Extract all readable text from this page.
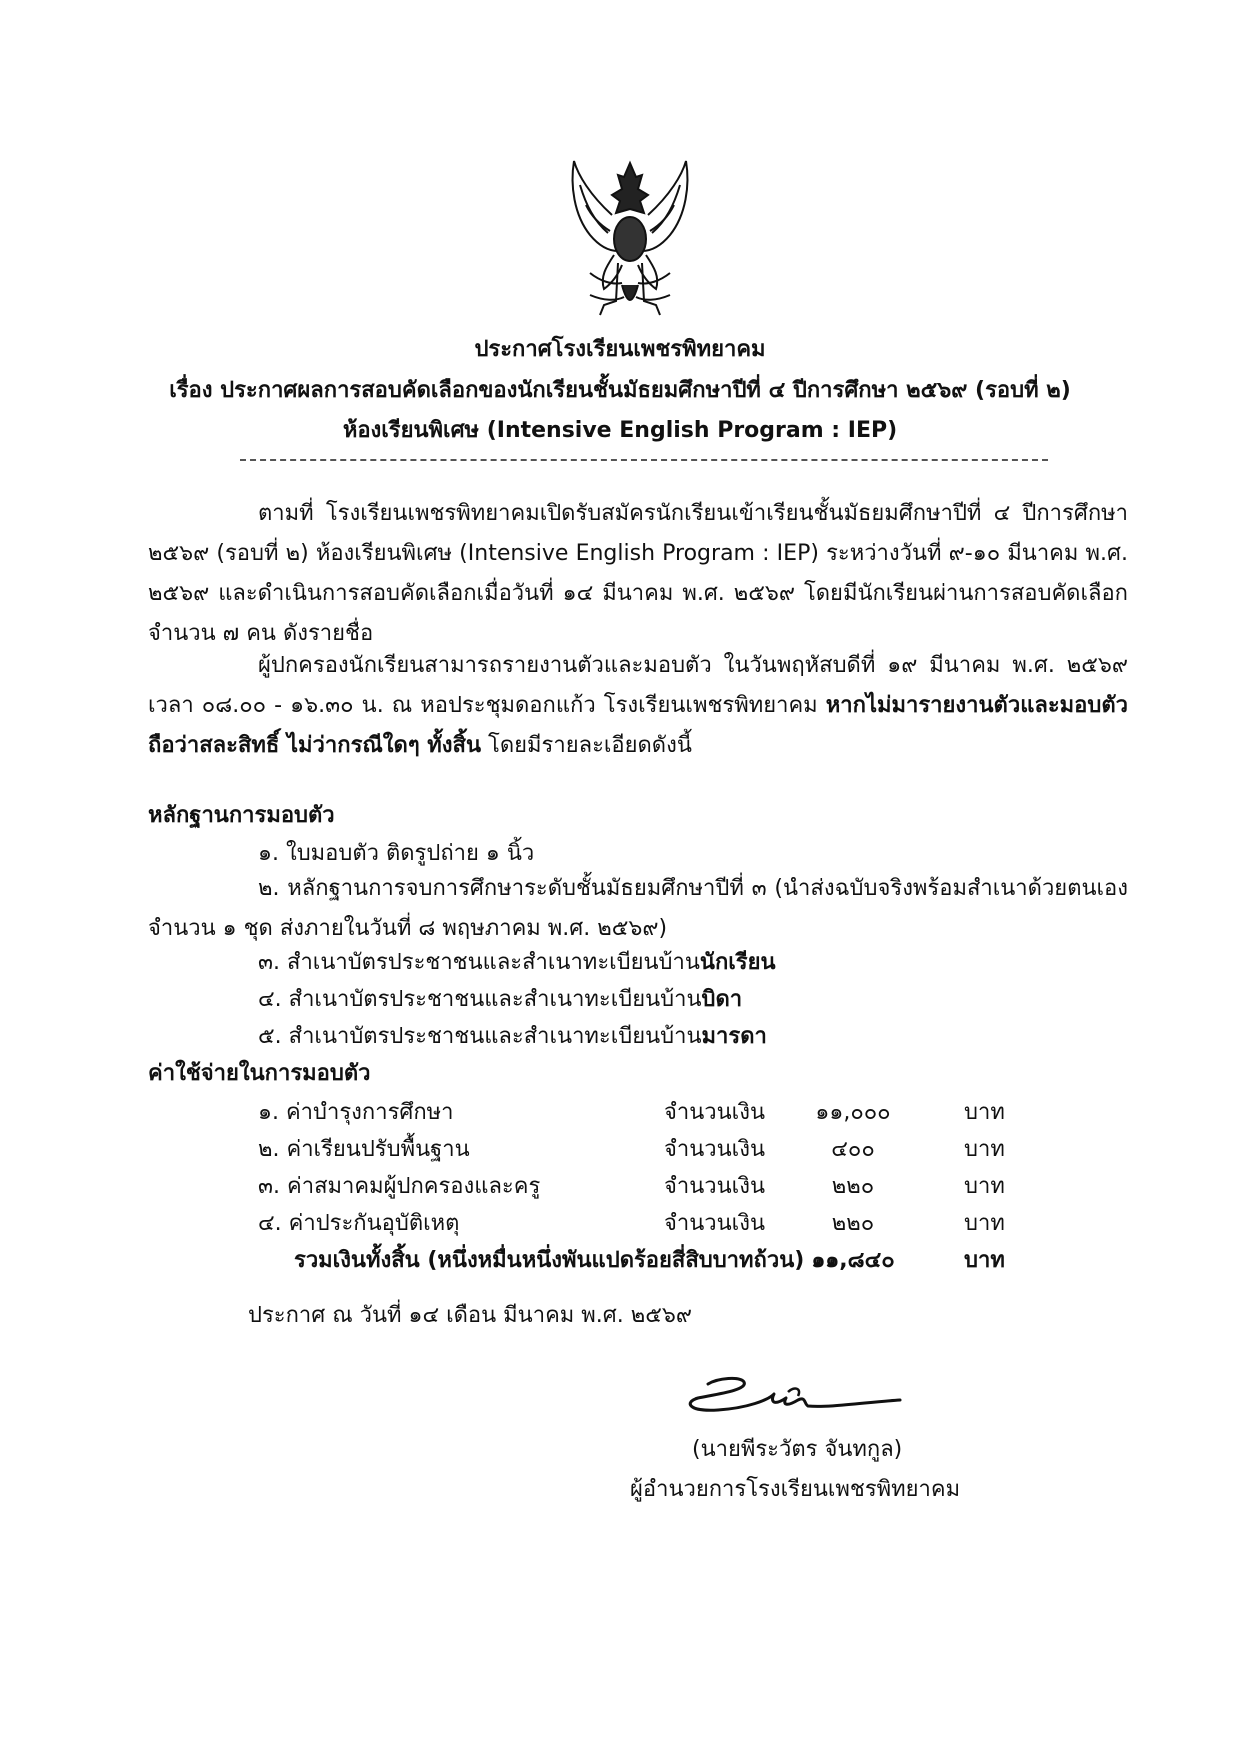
ประกาศโรงเรียนเพชรพิทยาคม
เรื่อง ประกาศผลการสอบคัดเลือกของนักเรียนชั้นมัธยมศึกษาปีที่ ๔ ปีการศึกษา ๒๕๖๙ (รอบที่ ๒)
ห้องเรียนพิเศษ (Intensive English Program : IEP)
ตามที่ โรงเรียนเพชรพิทยาคมเปิดรับสมัครนักเรียนเข้าเรียนชั้นมัธยมศึกษาปีที่ ๔ ปีการศึกษา ๒๕๖๙ (รอบที่ ๒) ห้องเรียนพิเศษ (Intensive English Program : IEP) ระหว่างวันที่ ๙-๑๐ มีนาคม พ.ศ. ๒๕๖๙ และดำเนินการสอบคัดเลือกเมื่อวันที่ ๑๔ มีนาคม พ.ศ. ๒๕๖๙ โดยมีนักเรียนผ่านการสอบคัดเลือก จำนวน ๗ คน ดังรายชื่อ
ผู้ปกครองนักเรียนสามารถรายงานตัวและมอบตัว ในวันพฤหัสบดีที่ ๑๙ มีนาคม พ.ศ. ๒๕๖๙ เวลา ๐๘.๐๐ - ๑๖.๓๐ น. ณ หอประชุมดอกแก้ว โรงเรียนเพชรพิทยาคม หากไม่มารายงานตัวและมอบตัวถือว่าสละสิทธิ์ ไม่ว่ากรณีใดๆ ทั้งสิ้น โดยมีรายละเอียดดังนี้
หลักฐานการมอบตัว
๑. ใบมอบตัว ติดรูปถ่าย ๑ นิ้ว
๒. หลักฐานการจบการศึกษาระดับชั้นมัธยมศึกษาปีที่ ๓ (นำส่งฉบับจริงพร้อมสำเนาด้วยตนเอง จำนวน ๑ ชุด ส่งภายในวันที่ ๘ พฤษภาคม พ.ศ. ๒๕๖๙)
๓. สำเนาบัตรประชาชนและสำเนาทะเบียนบ้านนักเรียน
๔. สำเนาบัตรประชาชนและสำเนาทะเบียนบ้านบิดา
๕. สำเนาบัตรประชาชนและสำเนาทะเบียนบ้านมารดา
ค่าใช้จ่ายในการมอบตัว
๑. ค่าบำรุงการศึกษา	จำนวนเงิน	๑๑,๐๐๐	บาท
๒. ค่าเรียนปรับพื้นฐาน	จำนวนเงิน	๔๐๐	บาท
๓. ค่าสมาคมผู้ปกครองและครู	จำนวนเงิน	๒๒๐	บาท
๔. ค่าประกันอุบัติเหตุ	จำนวนเงิน	๒๒๐	บาท
รวมเงินทั้งสิ้น (หนึ่งหมื่นหนึ่งพันแปดร้อยสี่สิบบาทถ้วน) ๑๑,๘๔๐	บาท
ประกาศ ณ วันที่ ๑๔ เดือน มีนาคม พ.ศ. ๒๕๖๙
(นายพีระวัตร จันทกูล)
ผู้อำนวยการโรงเรียนเพชรพิทยาคม
